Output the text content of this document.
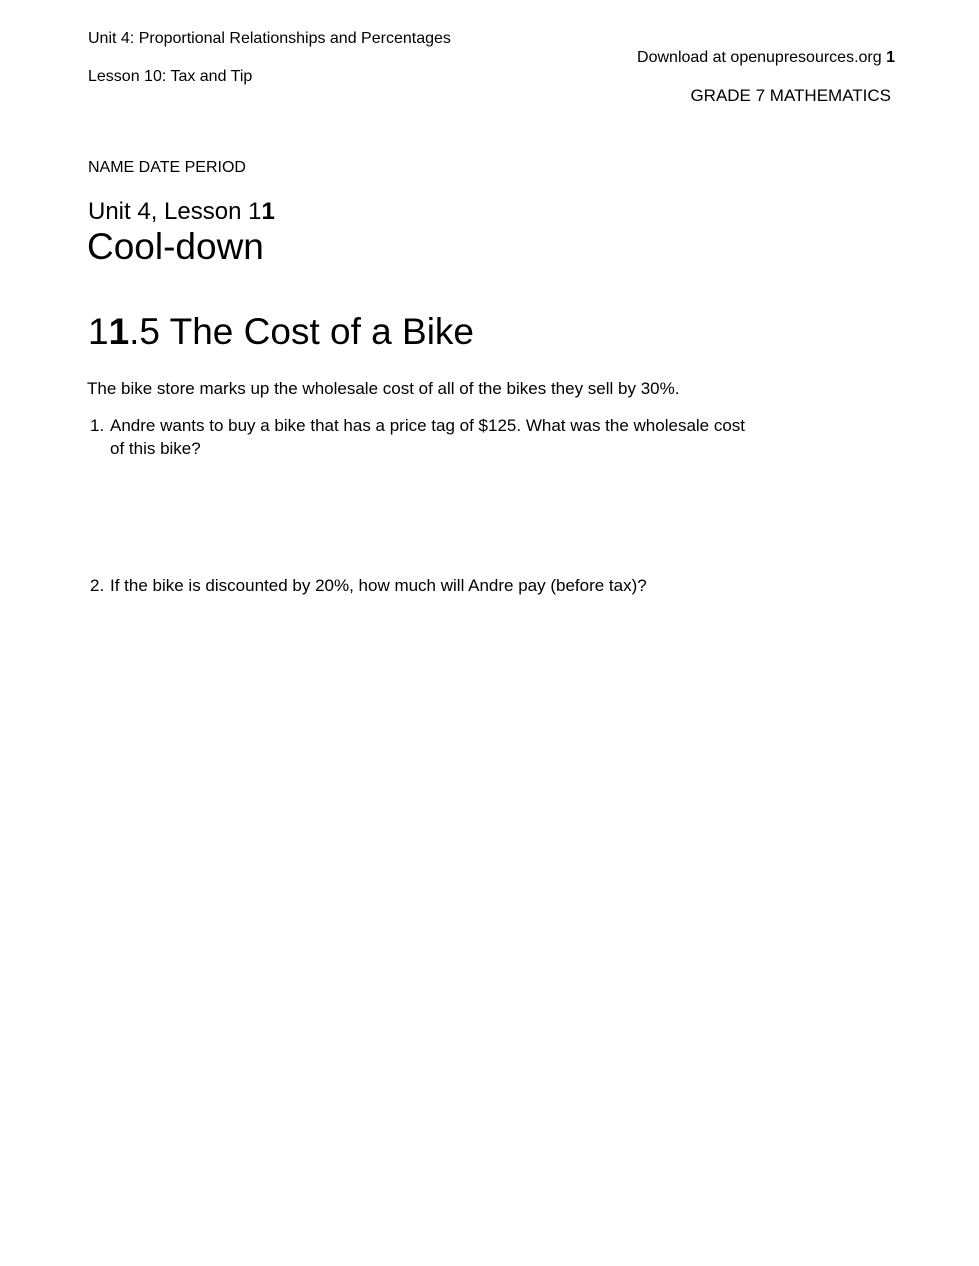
Unit 4: Proportional Relationships and Percentages
Lesson 10: Tax and Tip
Download at openupresources.org 1
GRADE 7 MATHEMATICS
NAME DATE PERIOD
Unit 4, Lesson 11
Cool-down
11.5 The Cost of a Bike
The bike store marks up the wholesale cost of all of the bikes they sell by 30%.
1. Andre wants to buy a bike that has a price tag of $125. What was the wholesale cost of this bike?
2. If the bike is discounted by 20%, how much will Andre pay (before tax)?
